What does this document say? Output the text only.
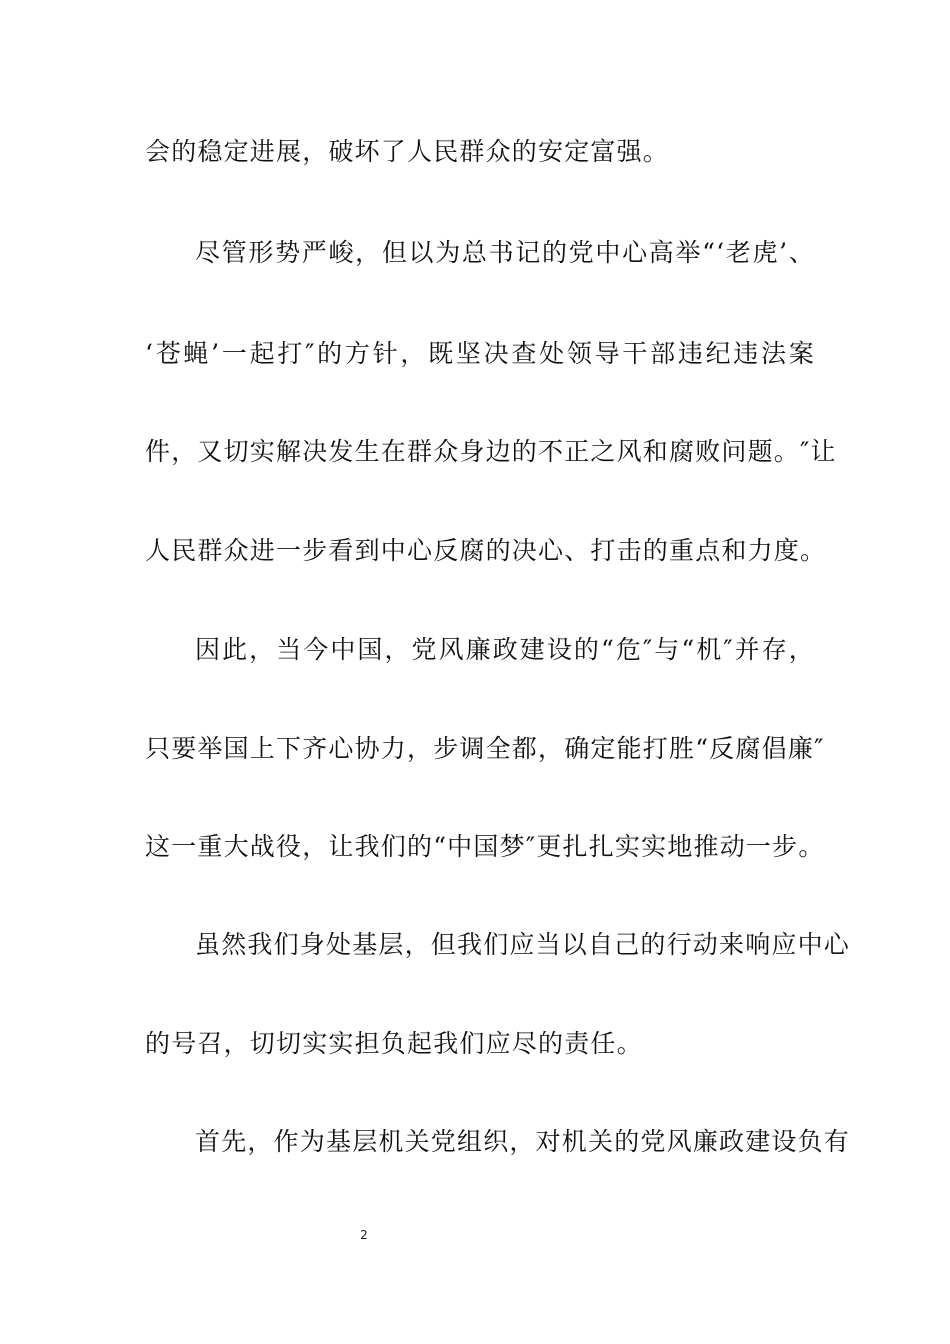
会的稳定进展，破坏了人民群众的安定富强。
尽管形势严峻，但以为总书记的党中心高举“‘老虎’、
‘苍蝇’一起打″的方针，既坚决查处领导干部违纪违法案
件，又切实解决发生在群众身边的不正之风和腐败问题。″让
人民群众进一步看到中心反腐的决心、打击的重点和力度。
因此，当今中国，党风廉政建设的“危″与“机″并存，
只要举国上下齐心协力，步调全都，确定能打胜“反腐倡廉″
这一重大战役，让我们的“中国梦″更扎扎实实地推动一步。
虽然我们身处基层，但我们应当以自己的行动来响应中心
的号召，切切实实担负起我们应尽的责任。
首先，作为基层机关党组织，对机关的党风廉政建设负有
2
